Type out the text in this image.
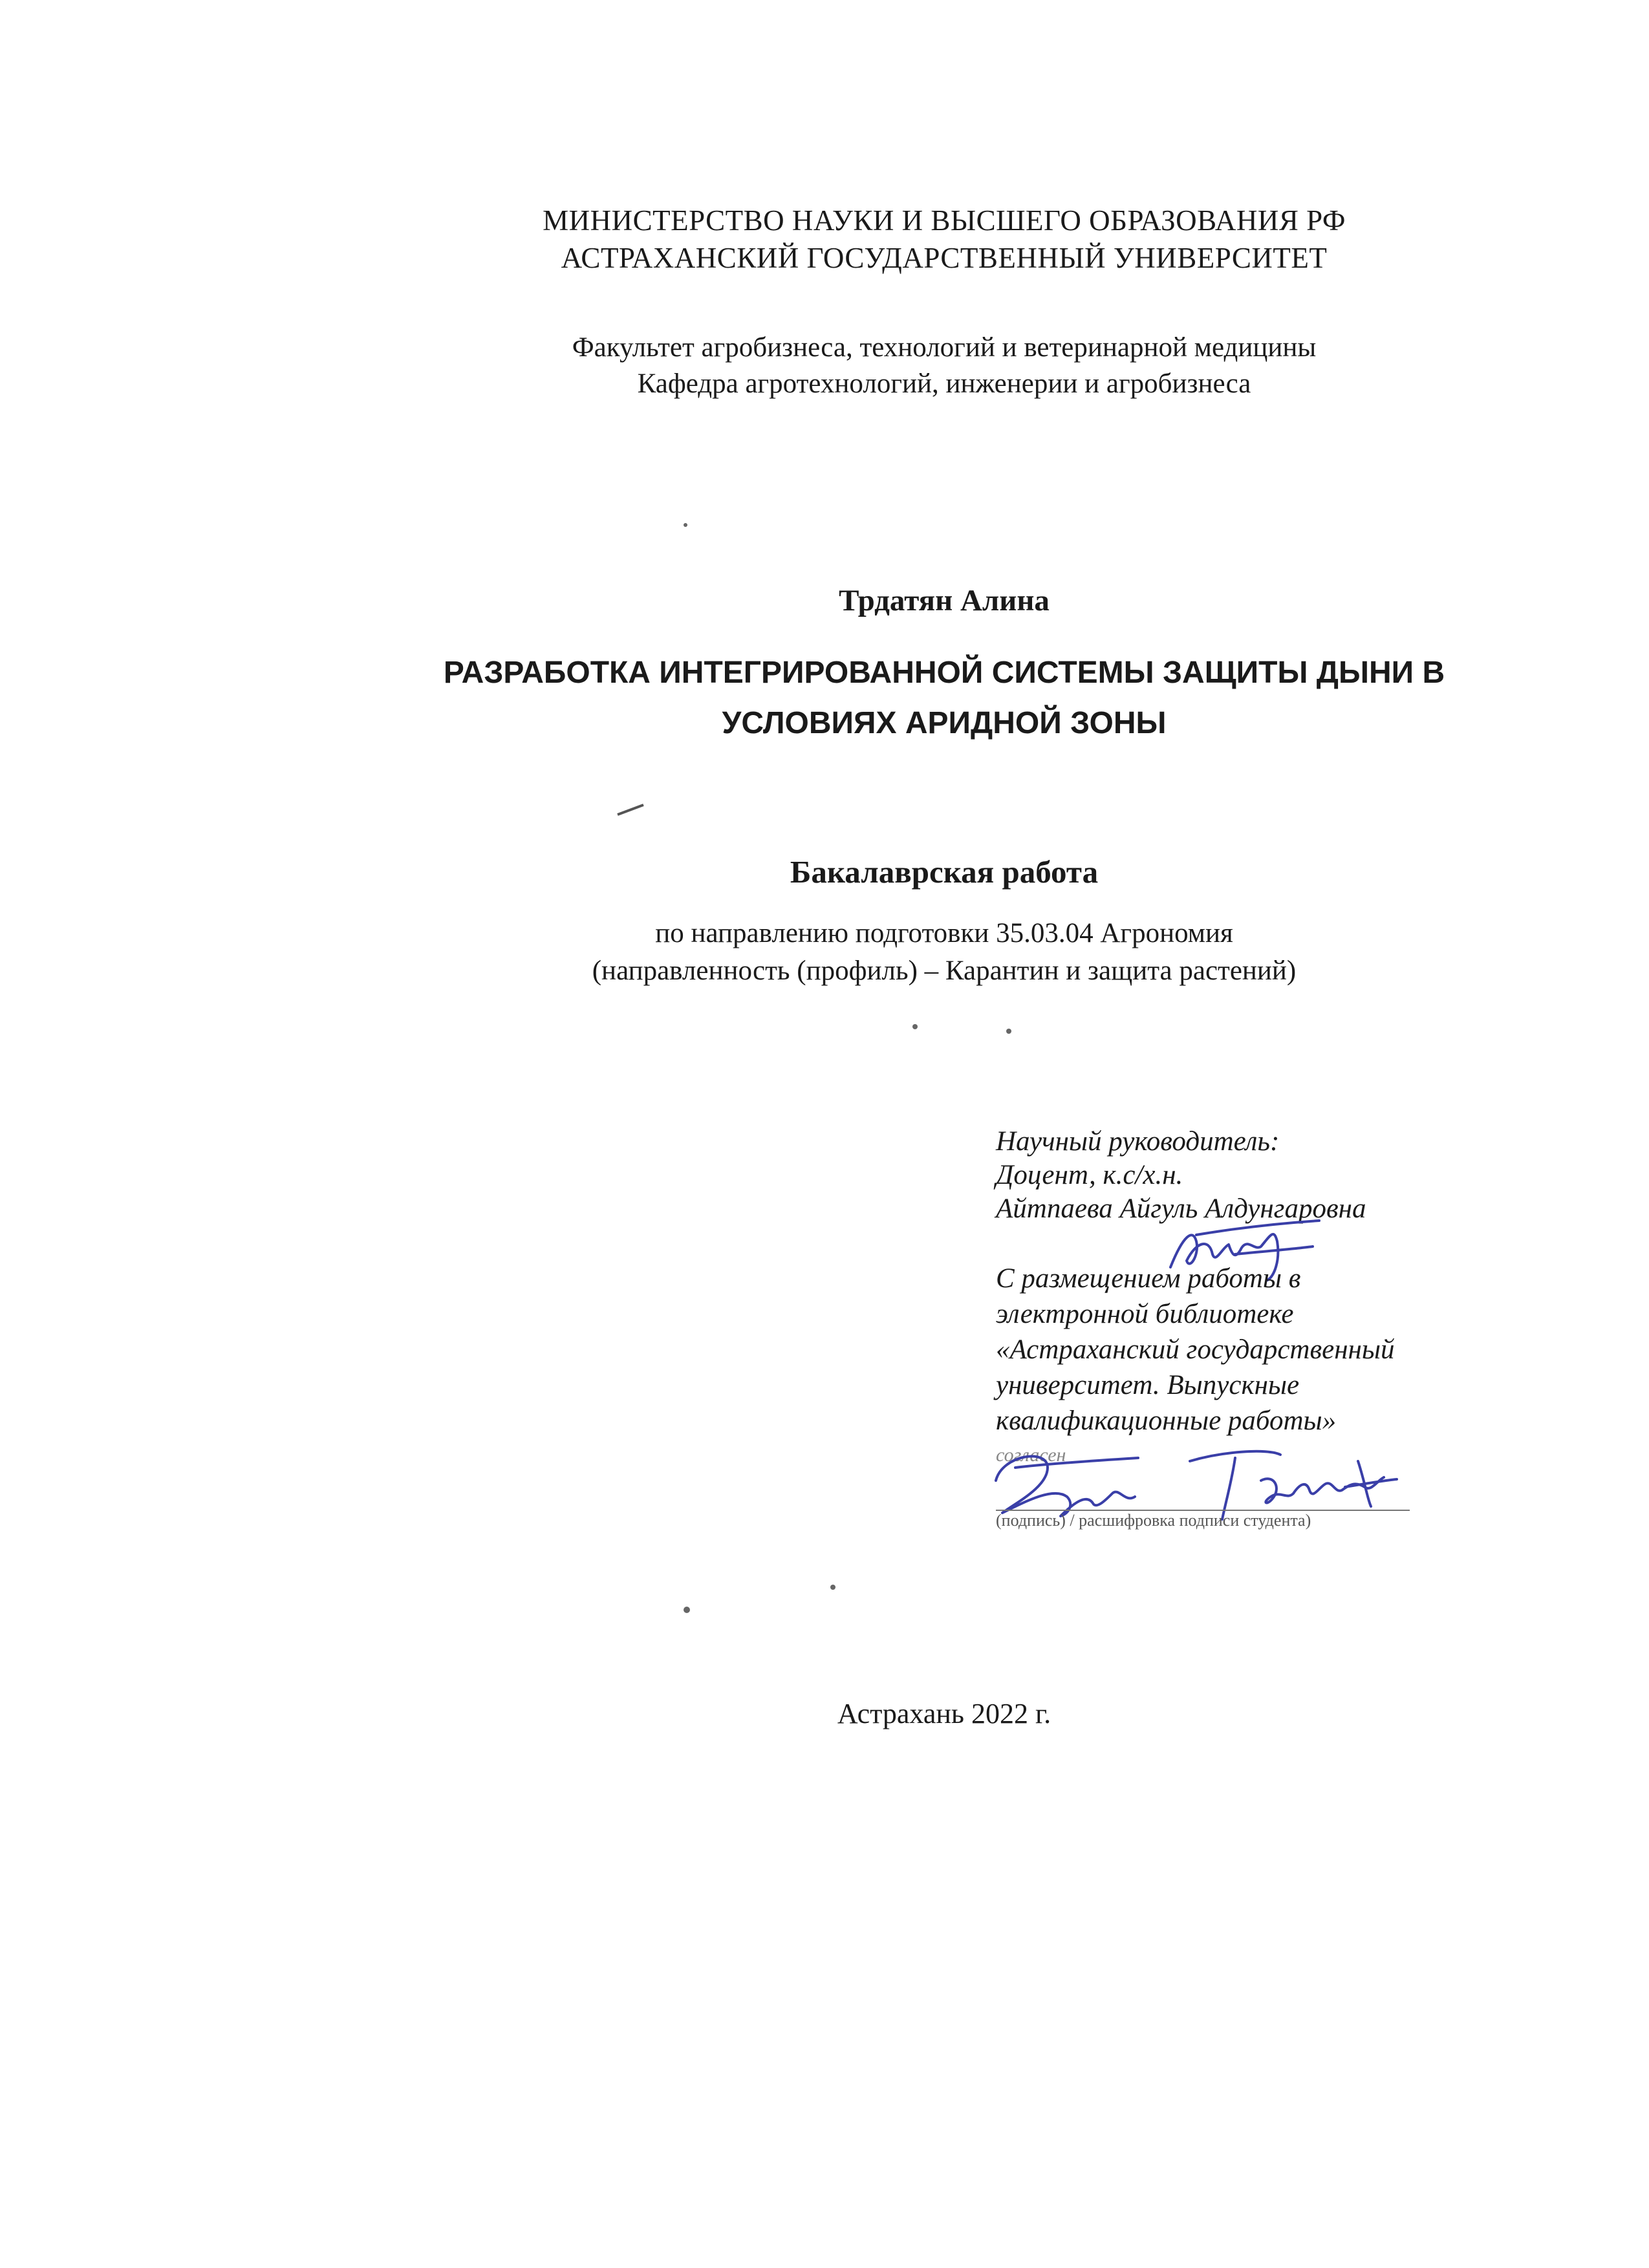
МИНИСТЕРСТВО НАУКИ И ВЫСШЕГО ОБРАЗОВАНИЯ РФ
АСТРАХАНСКИЙ ГОСУДАРСТВЕННЫЙ УНИВЕРСИТЕТ
Факультет агробизнеса, технологий и ветеринарной медицины
Кафедра агротехнологий, инженерии и агробизнеса
Трдатян Алина
РАЗРАБОТКА ИНТЕГРИРОВАННОЙ СИСТЕМЫ ЗАЩИТЫ ДЫНИ В
УСЛОВИЯХ АРИДНОЙ ЗОНЫ
Бакалаврская работа
по направлению подготовки 35.03.04 Агрономия
(направленность (профиль) – Карантин и защита растений)
Научный руководитель:
Доцент, к.с/х.н.
Айтпаева Айгуль Алдунгаровна
С размещением работы в
электронной библиотеке
«Астраханский государственный
университет. Выпускные
квалификационные работы»
согласен
(подпись) / расшифровка подписи студента)
Астрахань 2022 г.
